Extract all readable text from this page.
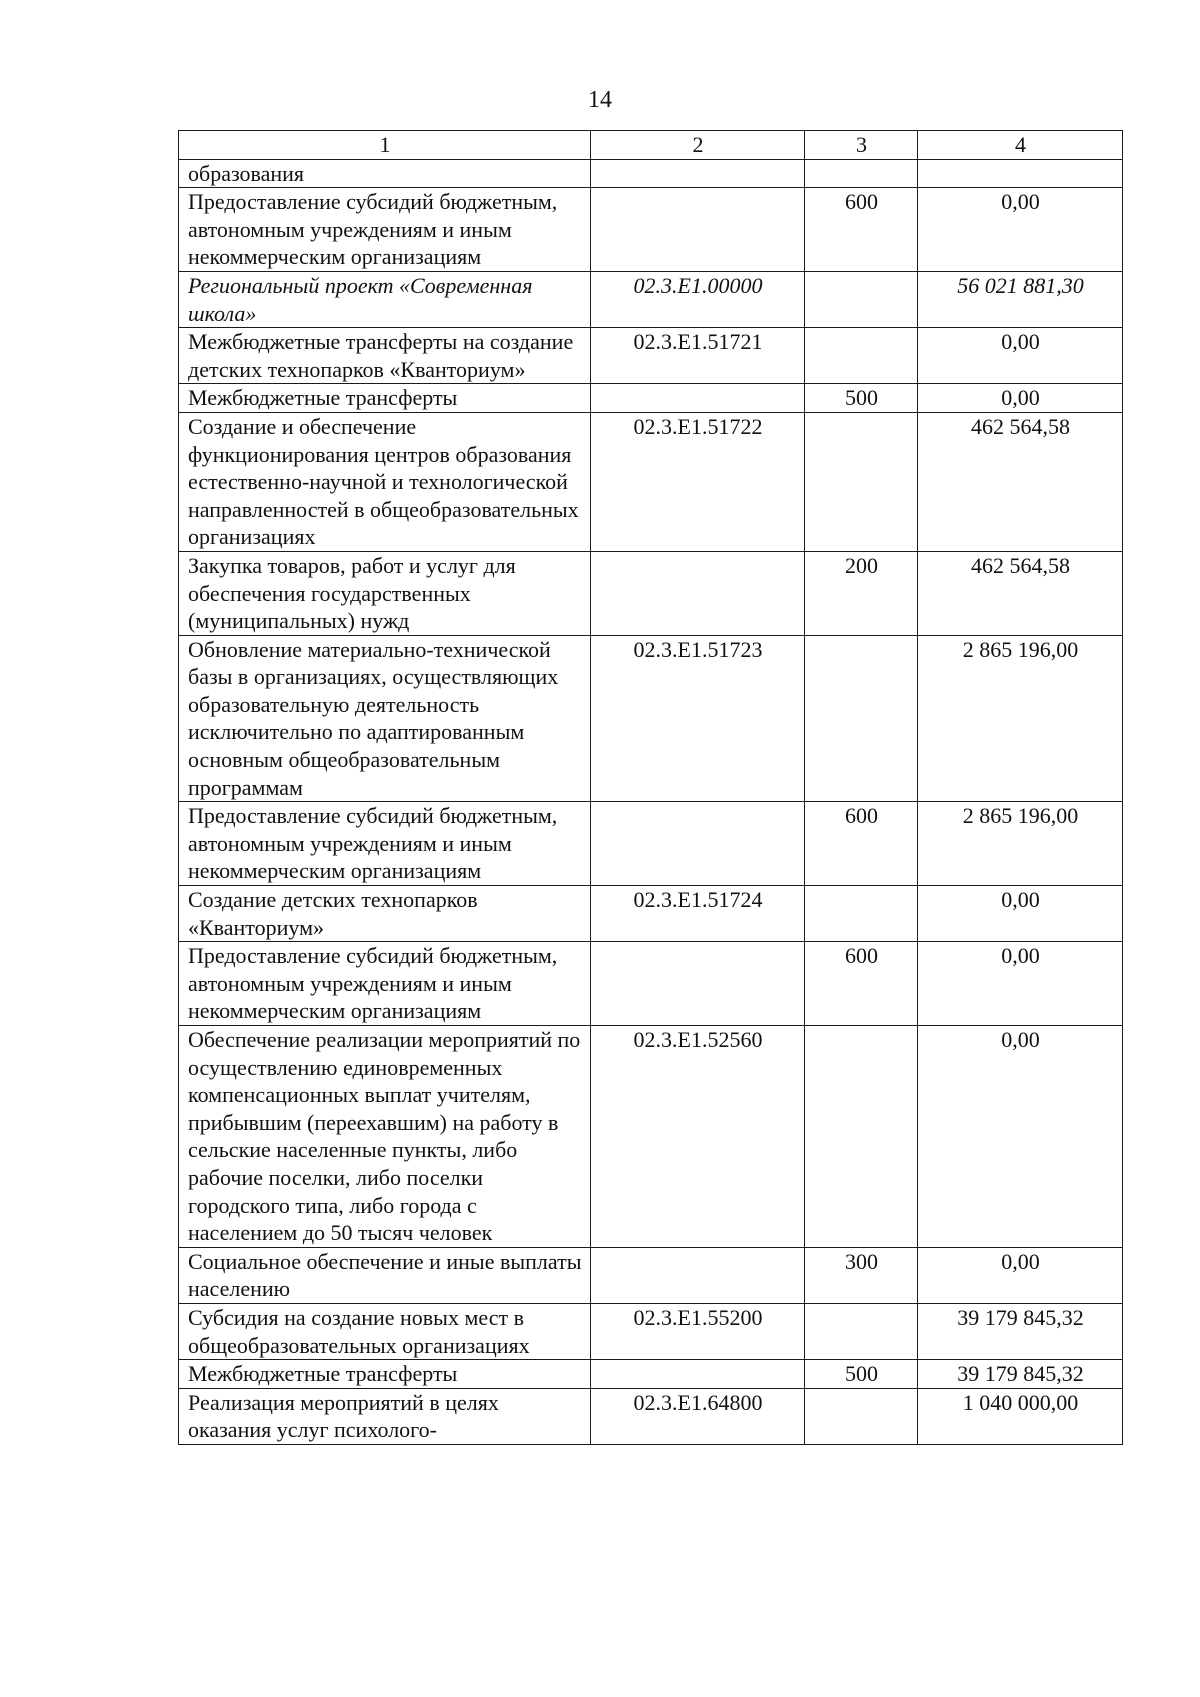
14
1	2	3	4
образования			
Предоставление субсидий бюджетным, автономным учреждениям и иным некоммерческим организациям		600	0,00
Региональный проект «Современная школа»	02.3.E1.00000		56 021 881,30
Межбюджетные трансферты на создание детских технопарков «Кванториум»	02.3.E1.51721		0,00
Межбюджетные трансферты		500	0,00
Создание и обеспечение функционирования центров образования естественно-научной и технологической направленностей в общеобразовательных организациях	02.3.E1.51722		462 564,58
Закупка товаров, работ и услуг для обеспечения государственных (муниципальных) нужд		200	462 564,58
Обновление материально-технической базы в организациях, осуществляющих образовательную деятельность исключительно по адаптированным основным общеобразовательным программам	02.3.E1.51723		2 865 196,00
Предоставление субсидий бюджетным, автономным учреждениям и иным некоммерческим организациям		600	2 865 196,00
Создание детских технопарков «Кванториум»	02.3.E1.51724		0,00
Предоставление субсидий бюджетным, автономным учреждениям и иным некоммерческим организациям		600	0,00
Обеспечение реализации мероприятий по осуществлению единовременных компенсационных выплат учителям, прибывшим (переехавшим) на работу в сельские населенные пункты, либо рабочие поселки, либо поселки городского типа, либо города с населением до 50 тысяч человек	02.3.E1.52560		0,00
Социальное обеспечение и иные выплаты населению		300	0,00
Субсидия на создание новых мест в общеобразовательных организациях	02.3.E1.55200		39 179 845,32
Межбюджетные трансферты		500	39 179 845,32
Реализация мероприятий в целях оказания услуг психолого-	02.3.E1.64800		1 040 000,00
